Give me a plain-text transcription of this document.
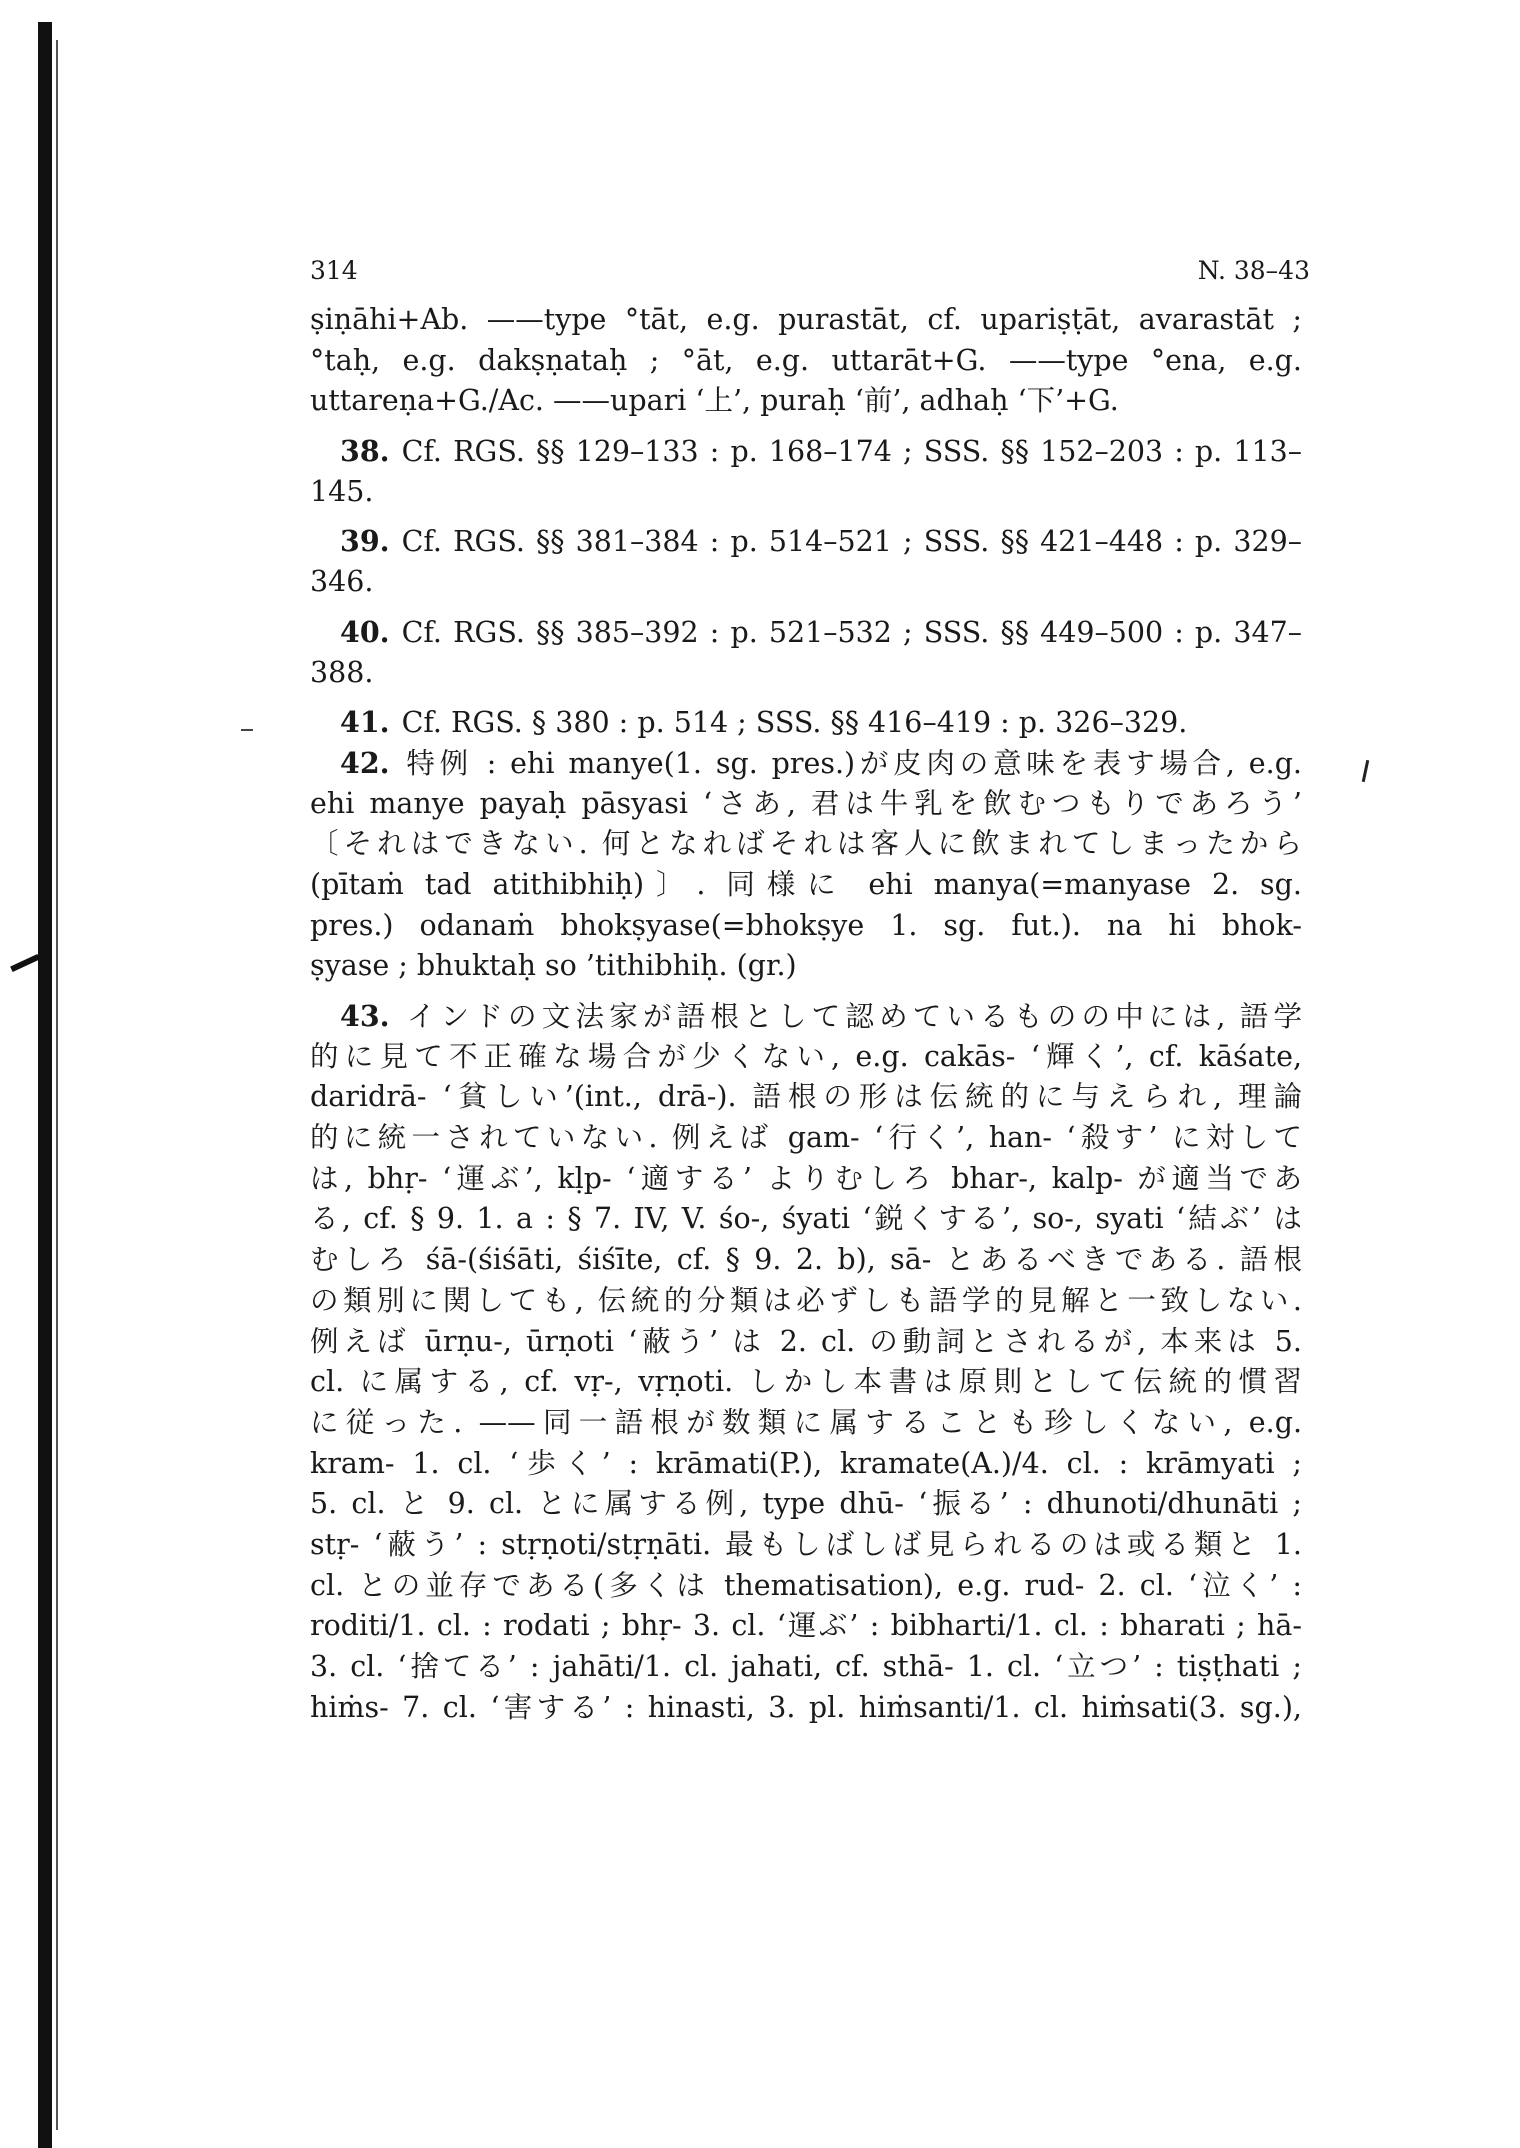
314	N. 38–43
ṣiṇāhi+Ab. ——type °tāt, e.g. purastāt, cf. upariṣṭāt, avarastāt ;
°taḥ, e.g. dakṣṇataḥ ; °āt, e.g. uttarāt+G. ——type °ena, e.g.
uttareṇa+G./Ac. ——upari ‘上’, puraḥ ‘前’, adhaḥ ‘下’+G.
38. Cf. RGS. §§ 129–133 : p. 168–174 ; SSS. §§ 152–203 : p. 113–
145.
39. Cf. RGS. §§ 381–384 : p. 514–521 ; SSS. §§ 421–448 : p. 329–
346.
40. Cf. RGS. §§ 385–392 : p. 521–532 ; SSS. §§ 449–500 : p. 347–
388.
41. Cf. RGS. § 380 : p. 514 ; SSS. §§ 416–419 : p. 326–329.
42. 特例 : ehi manye(1. sg. pres.)が皮肉の意味を表す場合, e.g.
ehi manye payaḥ pāsyasi ‘さあ, 君は牛乳を飲むつもりであろう’
〔それはできない. 何となればそれは客人に飲まれてしまったから
(pītaṁ tad atithibhiḥ)〕. 同様に ehi manya(=manyase 2. sg.
pres.) odanaṁ bhokṣyase(=bhokṣye 1. sg. fut.). na hi bhok-
ṣyase ; bhuktaḥ so ’tithibhiḥ. (gr.)
43. インドの文法家が語根として認めているものの中には, 語学
的に見て不正確な場合が少くない, e.g. cakās- ‘輝く’, cf. kāśate,
daridrā- ‘貧しい’(int., drā-). 語根の形は伝統的に与えられ, 理論
的に統一されていない. 例えば gam- ‘行く’, han- ‘殺す’ に対して
は, bhṛ- ‘運ぶ’, kḷp- ‘適する’ よりむしろ bhar-, kalp- が適当であ
る, cf. § 9. 1. a : § 7. IV, V. śo-, śyati ‘鋭くする’, so-, syati ‘結ぶ’ は
むしろ śā-(śiśāti, śiśīte, cf. § 9. 2. b), sā- とあるべきである. 語根
の類別に関しても, 伝統的分類は必ずしも語学的見解と一致しない.
例えば ūrṇu-, ūrṇoti ‘蔽う’ は 2. cl. の動詞とされるが, 本来は 5.
cl. に属する, cf. vṛ-, vṛṇoti. しかし本書は原則として伝統的慣習
に従った. ——同一語根が数類に属することも珍しくない, e.g.
kram- 1. cl. ‘歩く’ : krāmati(P.), kramate(A.)/4. cl. : krāmyati ;
5. cl. と 9. cl. とに属する例, type dhū- ‘振る’ : dhunoti/dhunāti ;
stṛ- ‘蔽う’ : stṛṇoti/stṛṇāti. 最もしばしば見られるのは或る類と 1.
cl. との並存である(多くは thematisation), e.g. rud- 2. cl. ‘泣く’ :
roditi/1. cl. : rodati ; bhṛ- 3. cl. ‘運ぶ’ : bibharti/1. cl. : bharati ; hā-
3. cl. ‘捨てる’ : jahāti/1. cl. jahati, cf. sthā- 1. cl. ‘立つ’ : tiṣṭhati ;
hiṁs- 7. cl. ‘害する’ : hinasti, 3. pl. hiṁsanti/1. cl. hiṁsati(3. sg.),
